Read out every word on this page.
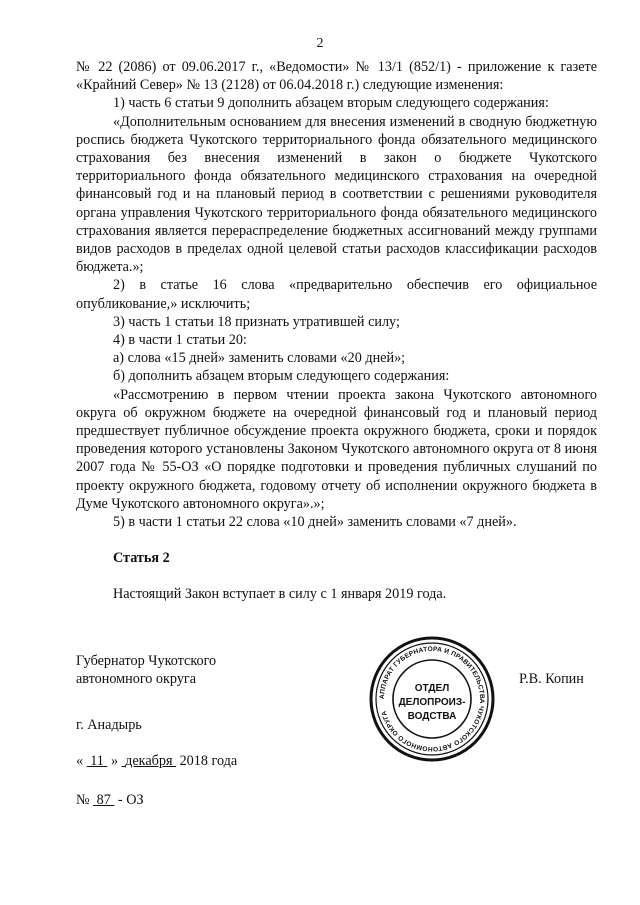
2

№ 22 (2086) от 09.06.2017 г., «Ведомости» № 13/1 (852/1) - приложение к газете «Крайний Север» № 13 (2128) от 06.04.2018 г.) следующие изменения:

1) часть 6 статьи 9 дополнить абзацем вторым следующего содержания:

«Дополнительным основанием для внесения изменений в сводную бюджетную роспись бюджета Чукотского территориального фонда обязательного медицинского страхования без внесения изменений в закон о бюджете Чукотского территориального фонда обязательного медицинского страхования на очередной финансовый год и на плановый период в соответствии с решениями руководителя органа управления Чукотского территориального фонда обязательного медицинского страхования является перераспределение бюджетных ассигнований между группами видов расходов в пределах одной целевой статьи расходов классификации расходов бюджета.»;

2) в статье 16 слова «предварительно обеспечив его официальное опубликование,» исключить;

3) часть 1 статьи 18 признать утратившей силу;

4) в части 1 статьи 20:

а) слова «15 дней» заменить словами «20 дней»;

б) дополнить абзацем вторым следующего содержания:

«Рассмотрению в первом чтении проекта закона Чукотского автономного округа об окружном бюджете на очередной финансовый год и плановый период предшествует публичное обсуждение проекта окружного бюджета, сроки и порядок проведения которого установлены Законом Чукотского автономного округа от 8 июня 2007 года № 55-ОЗ «О порядке подготовки и проведения публичных слушаний по проекту окружного бюджета, годовому отчету об исполнении окружного бюджета в Думе Чукотского автономного округа».»;

5) в части 1 статьи 22 слова «10 дней» заменить словами «7 дней».

Статья 2

Настоящий Закон вступает в силу с 1 января 2019 года.

Губернатор Чукотского
автономного округа	Р.В. Копин
г. Анадырь
« 11 » декабря 2018 года
№ 87 - ОЗ
АППАРАТ ГУБЕРНАТОРА И ПРАВИТЕЛЬСТВА ЧУКОТСКОГО АВТОНОМНОГО ОКРУГА
ОТДЕЛ
ДЕЛОПРОИЗ-
ВОДСТВА
